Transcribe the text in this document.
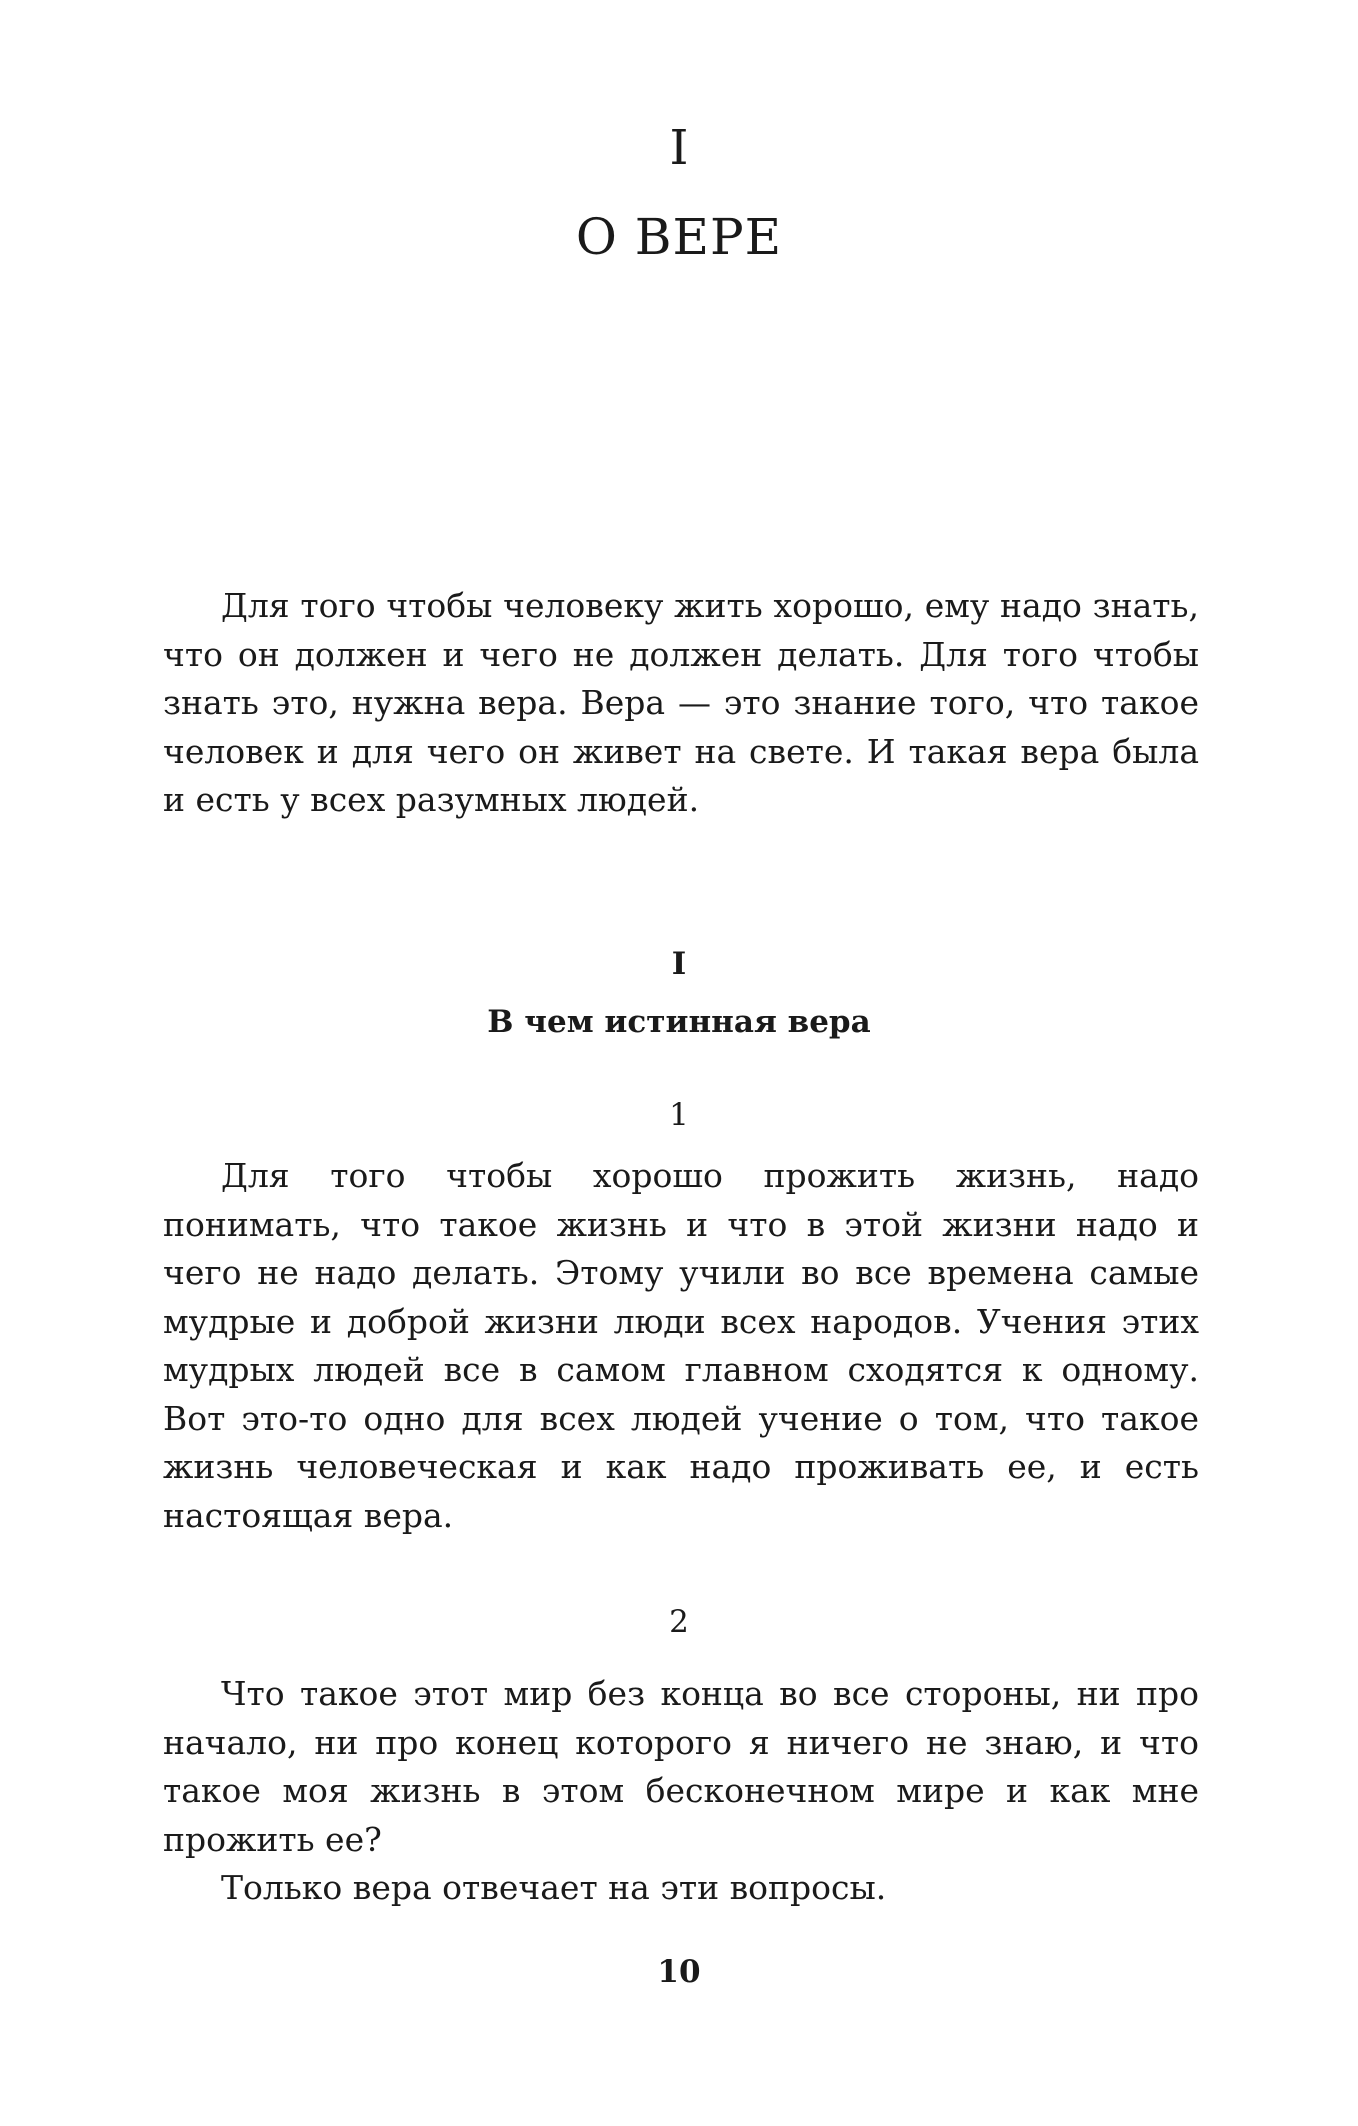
I
О ВЕРЕ

Для того чтобы человеку жить хорошо, ему надо знать, что он должен и чего не должен делать. Для того чтобы знать это, нужна вера. Вера — это знание того, что такое человек и для чего он живет на свете. И такая вера была и есть у всех разумных людей.

I
В чем истинная вера
1

Для того чтобы хорошо прожить жизнь, надо понимать, что такое жизнь и что в этой жизни надо и чего не надо делать. Этому учили во все времена самые мудрые и доброй жизни люди всех народов. Учения этих мудрых людей все в самом главном сходятся к одному. Вот это-то одно для всех людей учение о том, что такое жизнь человеческая и как надо проживать ее, и есть настоящая вера.

2

Что такое этот мир без конца во все стороны, ни про начало, ни про конец которого я ничего не знаю, и что такое моя жизнь в этом бесконечном мире и как мне прожить ее?

Только вера отвечает на эти вопросы.

10
